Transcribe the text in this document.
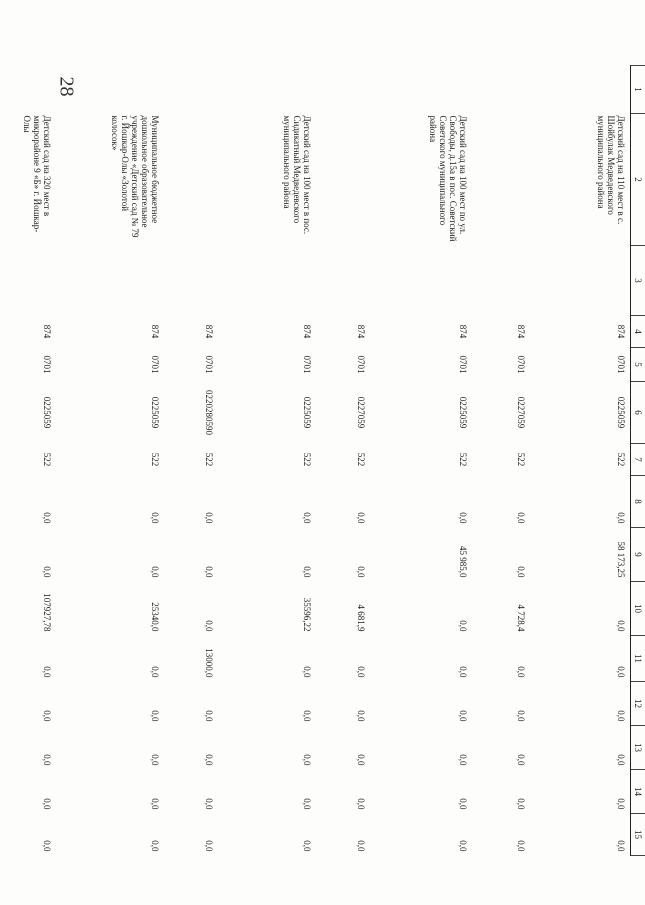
28	1	2	3	4	5	6	7	8	9	10	11	12	13	14	15
	Детский сад на 110 мест в с. Шойбулак Медведевского муниципального района		874	0701	0225059	522	0,0	58 173,25	0,0	0,0	0,0	0,0	0,0	0,0
			874	0701	0227059	522	0,0	0,0	4 728,4	0,0	0,0	0,0	0,0	0,0
	Детский сад на 100 мест по ул. Свободы, д.15а в пос. Советский Советского муниципального района		874	0701	0225059	522	0,0	45 985,0	0,0	0,0	0,0	0,0	0,0	0,0
			874	0701	0227059	522	0,0	0,0	4 681,9	0,0	0,0	0,0	0,0	0,0
	Детский сад на 100 мест в пос. Сидикатный Медведевского муниципального района		874	0701	0225059	522	0,0	0,0	35596,22	0,0	0,0	0,0	0,0	0,0
			874	0701	0220280590	522	0,0	0,0	0,0	13000,0	0,0	0,0	0,0	0,0
	Муниципальное бюджетное дошкольное образовательное учреждение «Детский сад № 79 г. Йошкар-Олы «Золотой колосок»		874	0701	0225059	522	0,0	0,0	25340,0	0,0	0,0	0,0	0,0	0,0
	Детский сад на 320 мест в микрорайоне 9 «Б» г. Йошкар-Олы		874	0701	0225059	522	0,0	0,0	107927,78	0,0	0,0	0,0	0,0	0,0
